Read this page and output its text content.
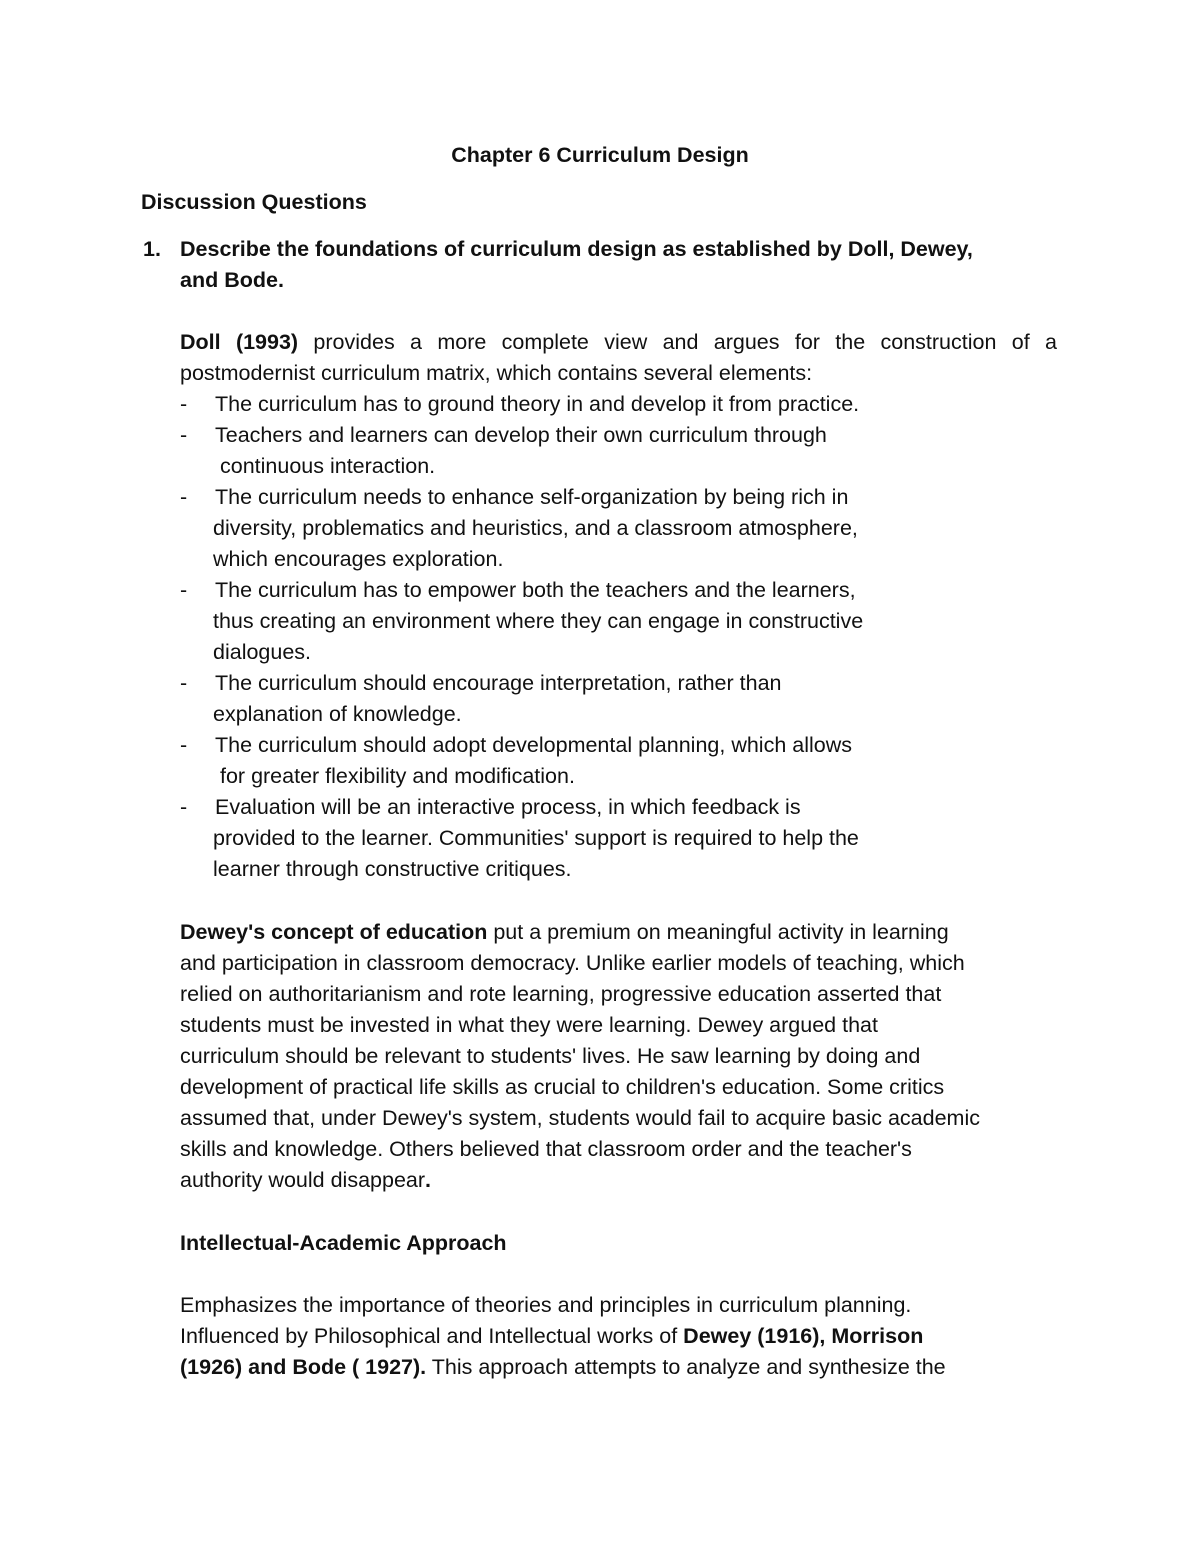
Chapter 6 Curriculum Design
Discussion Questions
1. Describe the foundations of curriculum design as established by Doll, Dewey,
and Bode.
Doll (1993) provides a more complete view and argues for the construction of a
postmodernist curriculum matrix, which contains several elements:
- The curriculum has to ground theory in and develop it from practice.
- Teachers and learners can develop their own curriculum through
continuous interaction.
- The curriculum needs to enhance self-organization by being rich in
diversity, problematics and heuristics, and a classroom atmosphere,
which encourages exploration.
- The curriculum has to empower both the teachers and the learners,
thus creating an environment where they can engage in constructive
dialogues.
- The curriculum should encourage interpretation, rather than
explanation of knowledge.
- The curriculum should adopt developmental planning, which allows
for greater flexibility and modification.
- Evaluation will be an interactive process, in which feedback is
provided to the learner. Communities' support is required to help the
learner through constructive critiques.
Dewey's concept of education put a premium on meaningful activity in learning
and participation in classroom democracy. Unlike earlier models of teaching, which
relied on authoritarianism and rote learning, progressive education asserted that
students must be invested in what they were learning. Dewey argued that
curriculum should be relevant to students' lives. He saw learning by doing and
development of practical life skills as crucial to children's education. Some critics
assumed that, under Dewey's system, students would fail to acquire basic academic
skills and knowledge. Others believed that classroom order and the teacher's
authority would disappear.
Intellectual-Academic Approach
Emphasizes the importance of theories and principles in curriculum planning.
Influenced by Philosophical and Intellectual works of Dewey (1916), Morrison
(1926) and Bode ( 1927). This approach attempts to analyze and synthesize the
